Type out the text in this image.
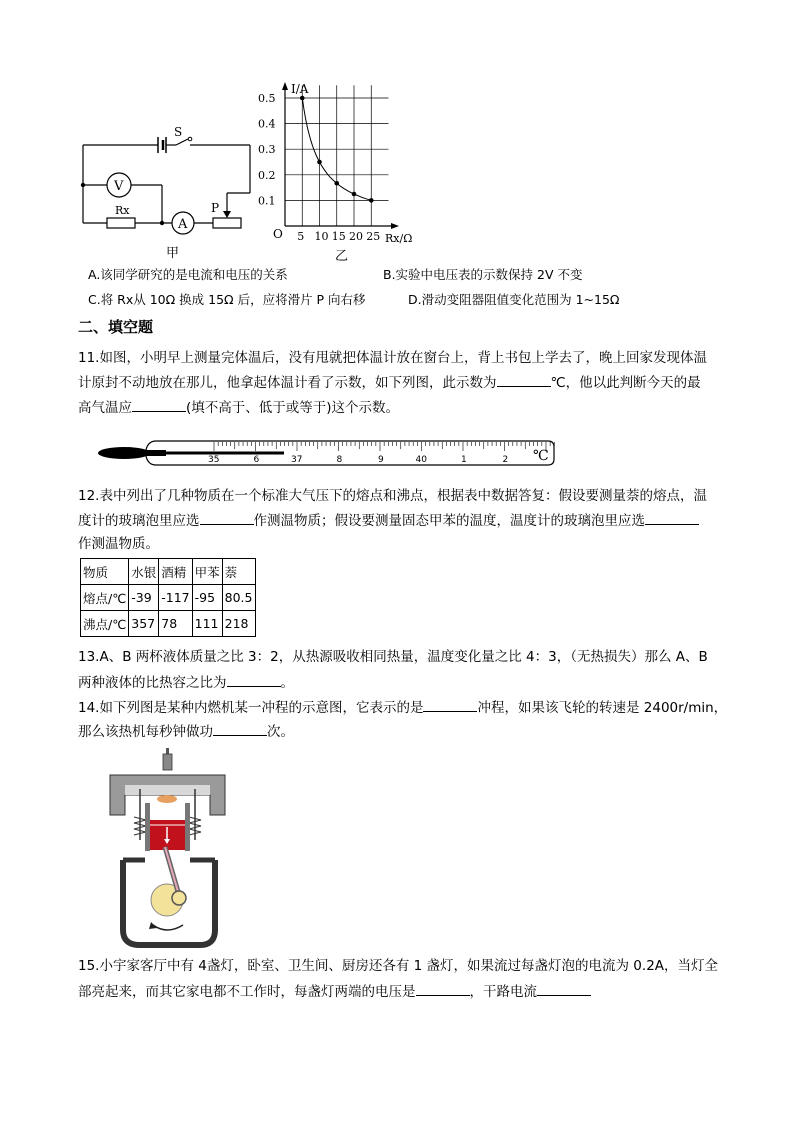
V
A
S
Rx	P
甲
5 10 15 20 25
0.1
0.2
0.3
0.4
0.5
I/A
Rx/Ω
O
乙
A.该同学研究的是电流和电压的关系	B.实验中电压表的示数保持 2V 不变
C.将 Rx从 10Ω 换成 15Ω 后，应将滑片 P 向右移	D.滑动变阻器阻值变化范围为 1~15Ω
二、填空题
11.如图，小明早上测量完体温后，没有甩就把体温计放在窗台上，背上书包上学去了，晚上回家发现体温
计原封不动地放在那儿，他拿起体温计看了示数，如下列图，此示数为	℃，他以此判断今天的最
高气温应	(填不高于、低于或等于)这个示数。
35	6	37	8	9	40	1	2 ℃
12.表中列出了几种物质在一个标准大气压下的熔点和沸点，根据表中数据答复：假设要测量萘的熔点，温
度计的玻璃泡里应选	作测温物质；假设要测量固态甲苯的温度，温度计的玻璃泡里应选
作测温物质。
物质	水银	酒精	甲苯	萘
熔点/℃	-39	-117	-95	80.5
沸点/℃	357	78	111	218
13.A、B 两杯液体质量之比 3：2，从热源吸收相同热量，温度变化量之比 4：3，（无热损失）那么 A、B
两种液体的比热容之比为	。
14.如下列图是某种内燃机某一冲程的示意图，它表示的是	冲程，如果该飞轮的转速是 2400r/min，
那么该热机每秒钟做功	次。
15.小宇家客厅中有 4盏灯，卧室、卫生间、厨房还各有 1 盏灯，如果流过每盏灯泡的电流为 0.2A，当灯全
部亮起来，而其它家电都不工作时，每盏灯两端的电压是	，干路电流
